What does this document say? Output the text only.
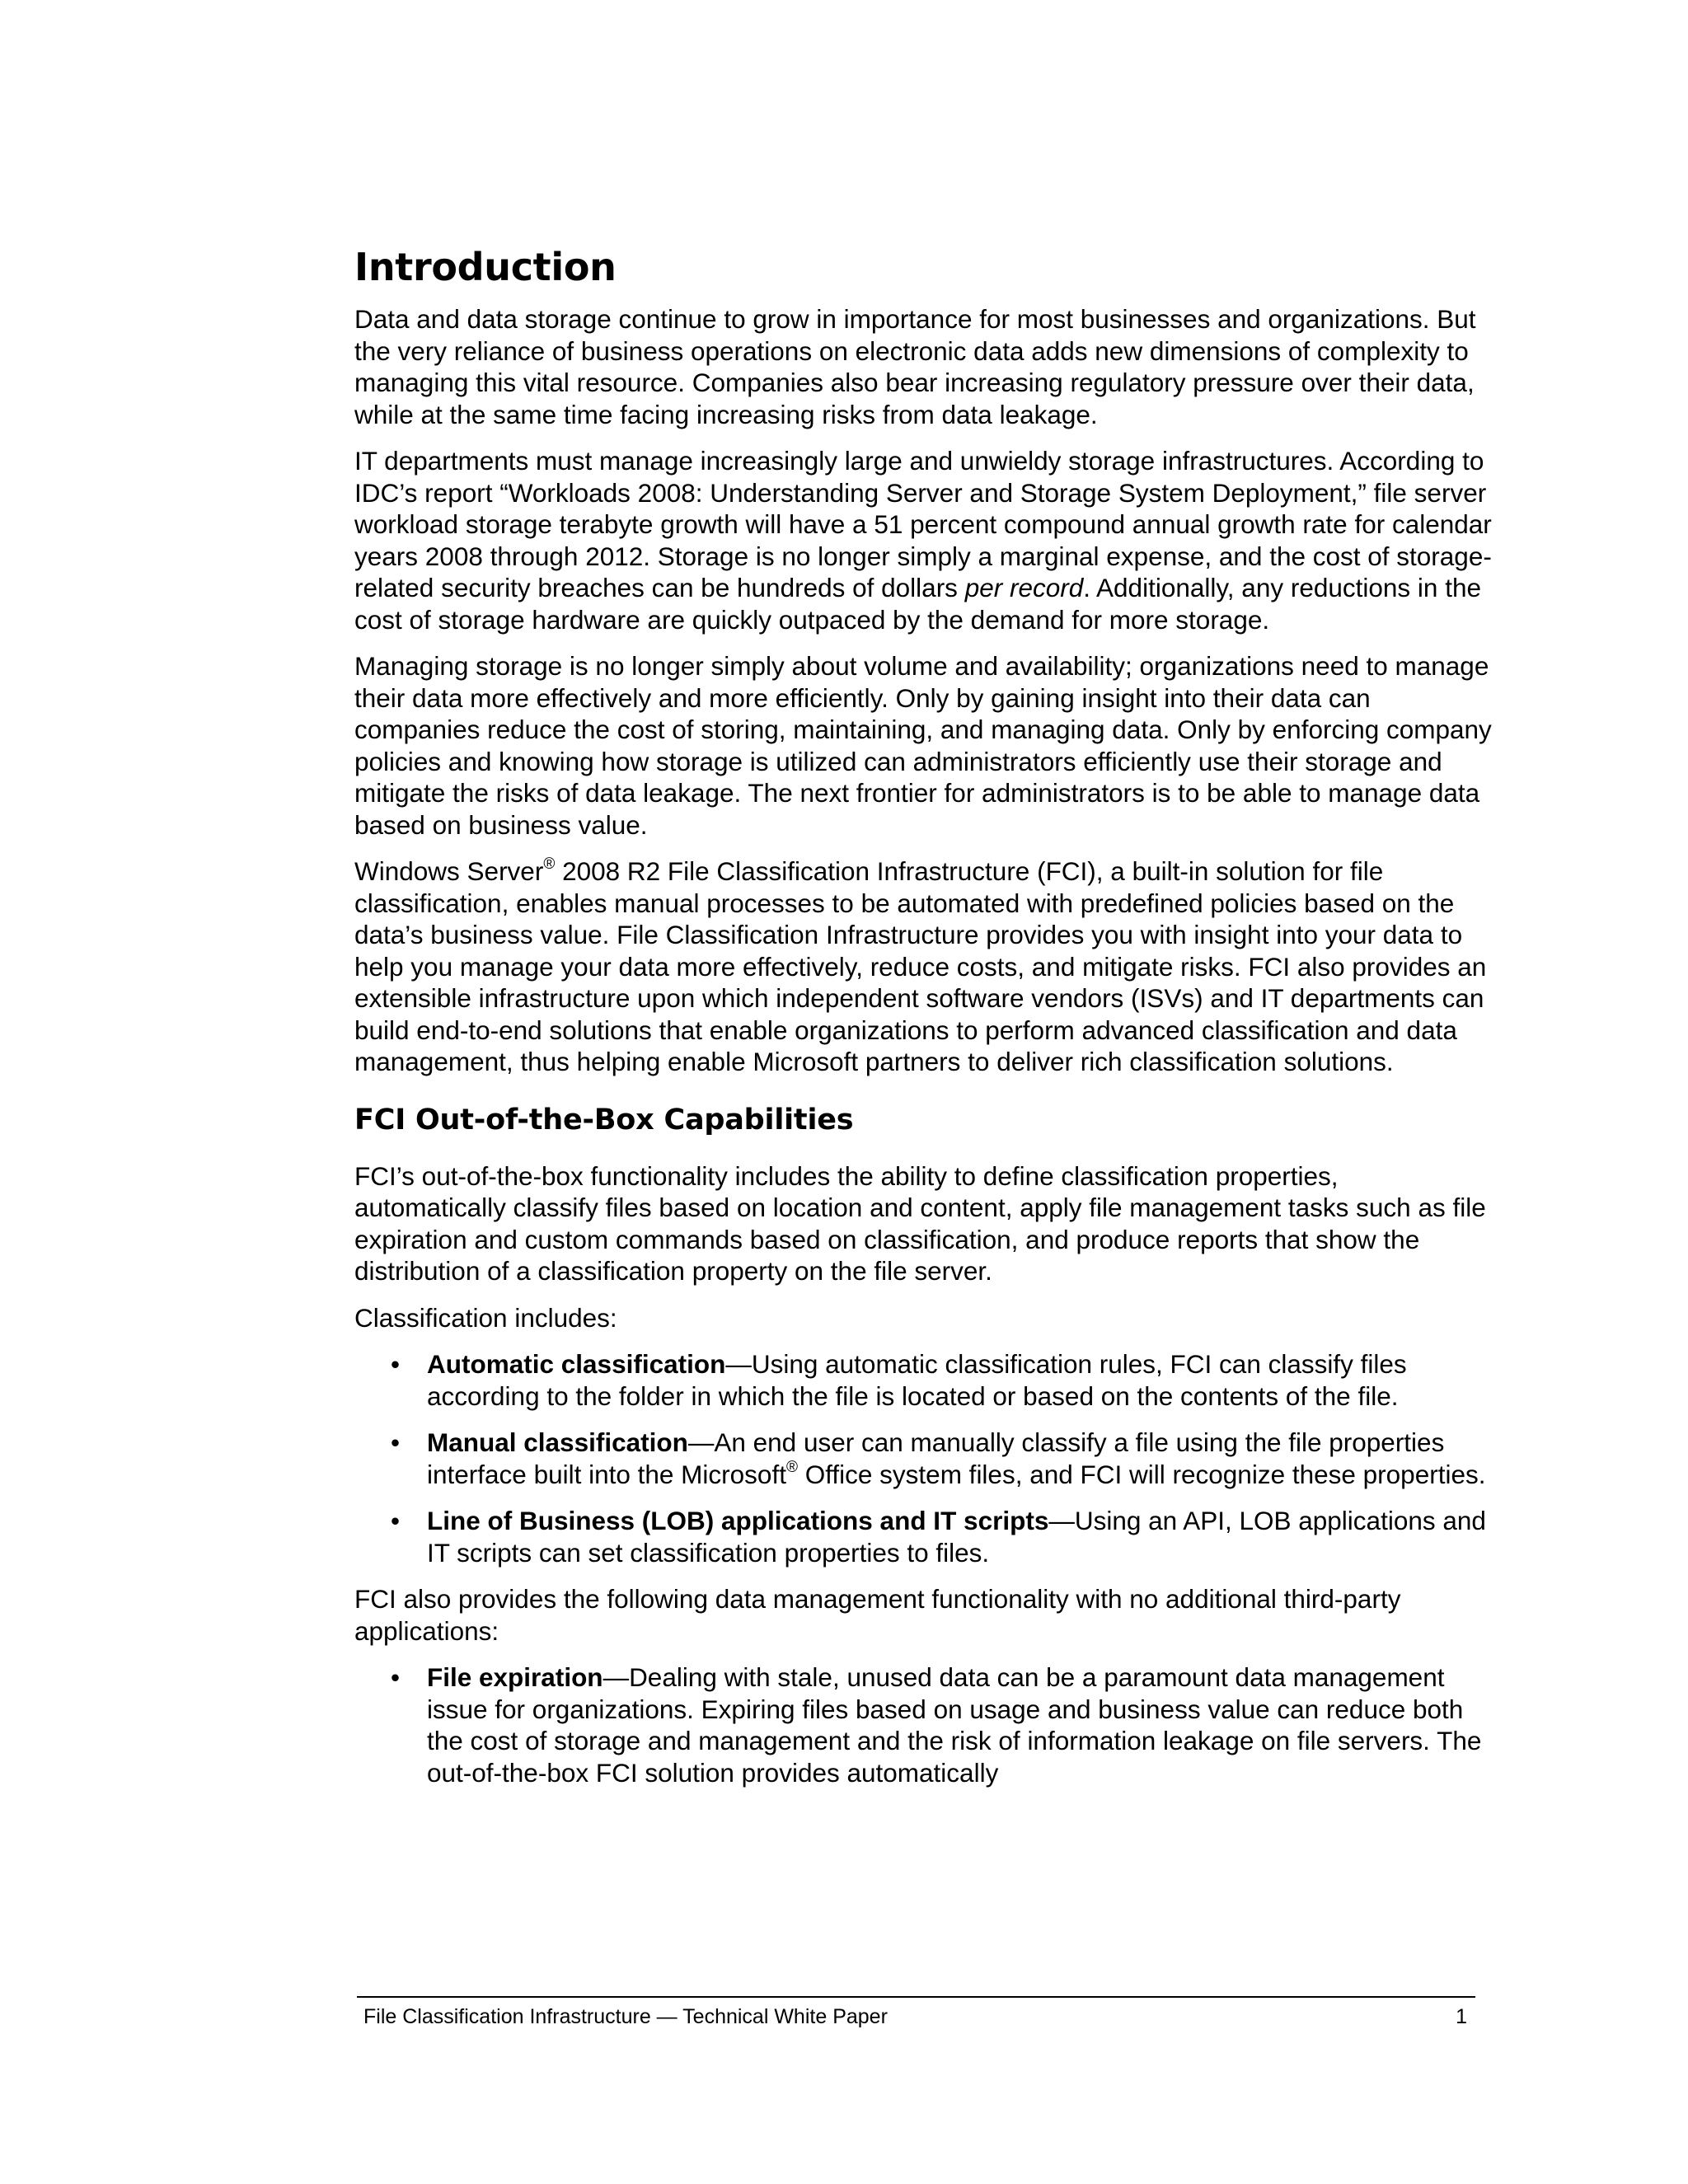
Introduction

Data and data storage continue to grow in importance for most businesses and organizations. But the very reliance of business operations on electronic data adds new dimensions of complexity to managing this vital resource. Companies also bear increasing regulatory pressure over their data, while at the same time facing increasing risks from data leakage.

IT departments must manage increasingly large and unwieldy storage infrastructures. According to IDC’s report “Workloads 2008: Understanding Server and Storage System Deployment,” file server workload storage terabyte growth will have a 51 percent compound annual growth rate for calendar years 2008 through 2012. Storage is no longer simply a marginal expense, and the cost of storage-related security breaches can be hundreds of dollars per record. Additionally, any reductions in the cost of storage hardware are quickly outpaced by the demand for more storage.

Managing storage is no longer simply about volume and availability; organizations need to manage their data more effectively and more efficiently. Only by gaining insight into their data can companies reduce the cost of storing, maintaining, and managing data. Only by enforcing company policies and knowing how storage is utilized can administrators efficiently use their storage and mitigate the risks of data leakage. The next frontier for administrators is to be able to manage data based on business value.

Windows Server® 2008 R2 File Classification Infrastructure (FCI), a built-in solution for file classification, enables manual processes to be automated with predefined policies based on the data’s business value. File Classification Infrastructure provides you with insight into your data to help you manage your data more effectively, reduce costs, and mitigate risks. FCI also provides an extensible infrastructure upon which independent software vendors (ISVs) and IT departments can build end-to-end solutions that enable organizations to perform advanced classification and data management, thus helping enable Microsoft partners to deliver rich classification solutions.

FCI Out-of-the-Box Capabilities

FCI’s out-of-the-box functionality includes the ability to define classification properties, automatically classify files based on location and content, apply file management tasks such as file expiration and custom commands based on classification, and produce reports that show the distribution of a classification property on the file server.

Classification includes:

• Automatic classification—Using automatic classification rules, FCI can classify files according to the folder in which the file is located or based on the contents of the file.
• Manual classification—An end user can manually classify a file using the file properties interface built into the Microsoft® Office system files, and FCI will recognize these properties.
• Line of Business (LOB) applications and IT scripts—Using an API, LOB applications and IT scripts can set classification properties to files.

FCI also provides the following data management functionality with no additional third-party applications:

• File expiration—Dealing with stale, unused data can be a paramount data management issue for organizations. Expiring files based on usage and business value can reduce both the cost of storage and management and the risk of information leakage on file servers. The out-of-the-box FCI solution provides automatically
File Classification Infrastructure — Technical White Paper	1
